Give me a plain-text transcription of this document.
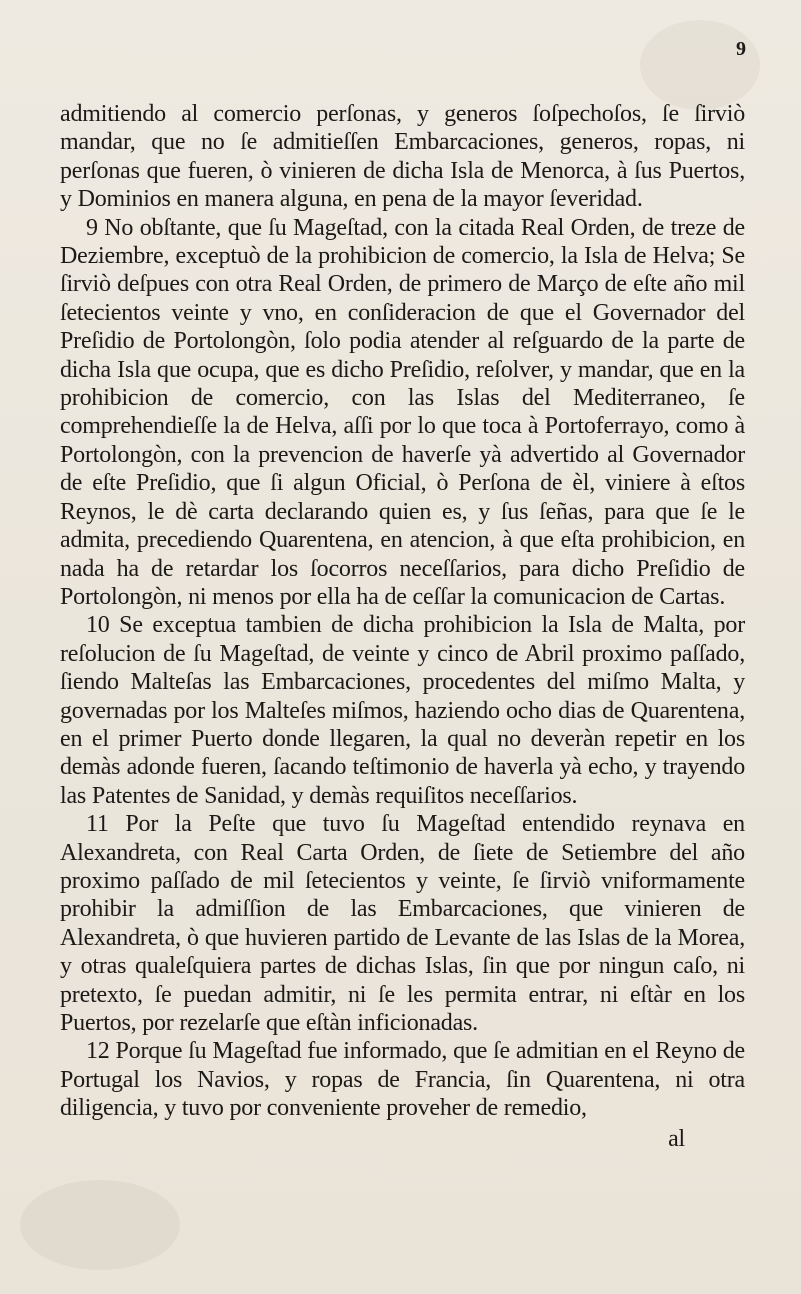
9

admitiendo al comercio perſonas, y generos ſoſpechoſos, ſe ſirviò mandar, que no ſe admitieſſen Embarcaciones, generos, ropas, ni perſonas que fueren, ò vinieren de dicha Isla de Menorca, à ſus Puertos, y Dominios en manera alguna, en pena de la mayor ſeveridad.

9 No obſtante, que ſu Mageſtad, con la citada Real Orden, de treze de Deziembre, exceptuò de la prohibicion de comercio, la Isla de Helva; Se ſirviò deſpues con otra Real Orden, de primero de Março de eſte año mil ſetecientos veinte y vno, en conſideracion de que el Governador del Preſidio de Portolongòn, ſolo podia atender al reſguardo de la parte de dicha Isla que ocupa, que es dicho Preſidio, reſolver, y mandar, que en la prohibicion de comercio, con las Islas del Mediterraneo, ſe comprehendieſſe la de Helva, aſſi por lo que toca à Portoferrayo, como à Portolongòn, con la prevencion de haverſe yà advertido al Governador de eſte Preſidio, que ſi algun Oficial, ò Perſona de èl, viniere à eſtos Reynos, le dè carta declarando quien es, y ſus ſeñas, para que ſe le admita, precediendo Quarentena, en atencion, à que eſta prohibicion, en nada ha de retardar los ſocorros neceſſarios, para dicho Preſidio de Portolongòn, ni menos por ella ha de ceſſar la comunicacion de Cartas.

10 Se exceptua tambien de dicha prohibicion la Isla de Malta, por reſolucion de ſu Mageſtad, de veinte y cinco de Abril proximo paſſado, ſiendo Malteſas las Embarcaciones, procedentes del miſmo Malta, y governadas por los Malteſes miſmos, haziendo ocho dias de Quarentena, en el primer Puerto donde llegaren, la qual no deveràn repetir en los demàs adonde fueren, ſacando teſtimonio de haverla yà echo, y trayendo las Patentes de Sanidad, y demàs requiſitos neceſſarios.

11 Por la Peſte que tuvo ſu Mageſtad entendido reynava en Alexandreta, con Real Carta Orden, de ſiete de Setiembre del año proximo paſſado de mil ſetecientos y veinte, ſe ſirviò vniformamente prohibir la admiſſion de las Embarcaciones, que vinieren de Alexandreta, ò que huvieren partido de Levante de las Islas de la Morea, y otras qualeſquiera partes de dichas Islas, ſin que por ningun caſo, ni pretexto, ſe puedan admitir, ni ſe les permita entrar, ni eſtàr en los Puertos, por rezelarſe que eſtàn inficionadas.

12 Porque ſu Mageſtad fue informado, que ſe admitian en el Reyno de Portugal los Navios, y ropas de Francia, ſin Quarentena, ni otra diligencia, y tuvo por conveniente proveher de remedio,

al
